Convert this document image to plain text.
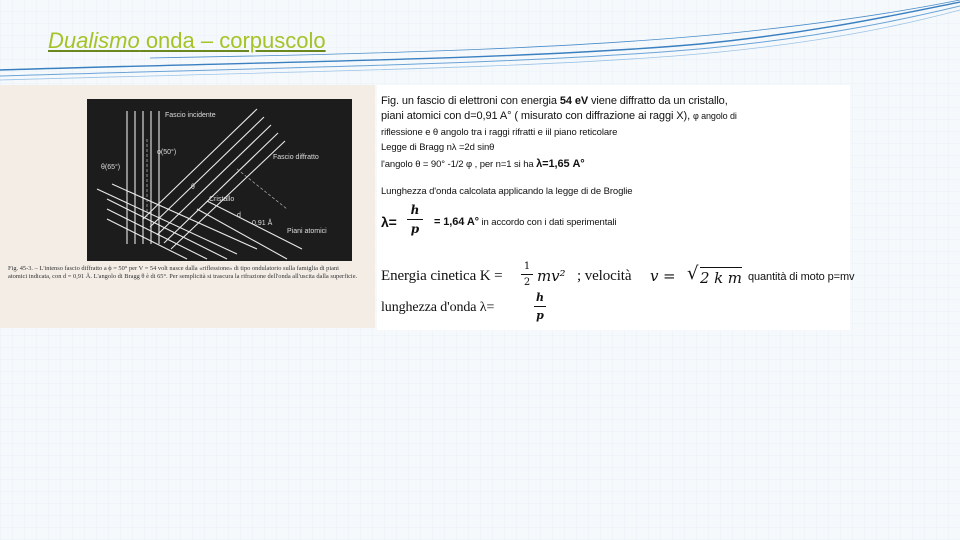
Dualismo onda – corpuscolo
Fascio incidente
Fascio diffratto
Cristallo
Piani atomici
θ(65°)
ϕ(50°)
θ
0,91 Å
d
Fig. 45-3. – L'intenso fascio diffratto a ϕ = 50° per V = 54 volt nasce dalla «riflessione» di tipo ondulatorio sulla famiglia di piani atomici indicata, con d = 0,91 Å. L'angolo di Bragg θ è di 65°. Per semplicità si trascura la rifrazione dell'onda all'uscita dalla superficie.
Fig. un fascio di elettroni con energia 54 eV viene diffratto da un cristallo,
piani atomici con d=0,91 A° ( misurato con diffrazione ai raggi X), φ angolo di
riflessione e θ angolo tra i raggi rifratti e iil piano reticolare
Legge di Bragg nλ =2d sinθ
l'angolo θ = 90° -1/2 φ , per n=1 si ha λ=1,65 A°
Lunghezza d'onda calcolata applicando la legge di de Broglie
λ=
h
p	= 1,64 A° in accordo con i dati sperimentali
Energia cinetica K =
1
2 mv² ; velocità v = √ 2 k m quantità di moto p=mv
lunghezza d'onda λ=
h
p
